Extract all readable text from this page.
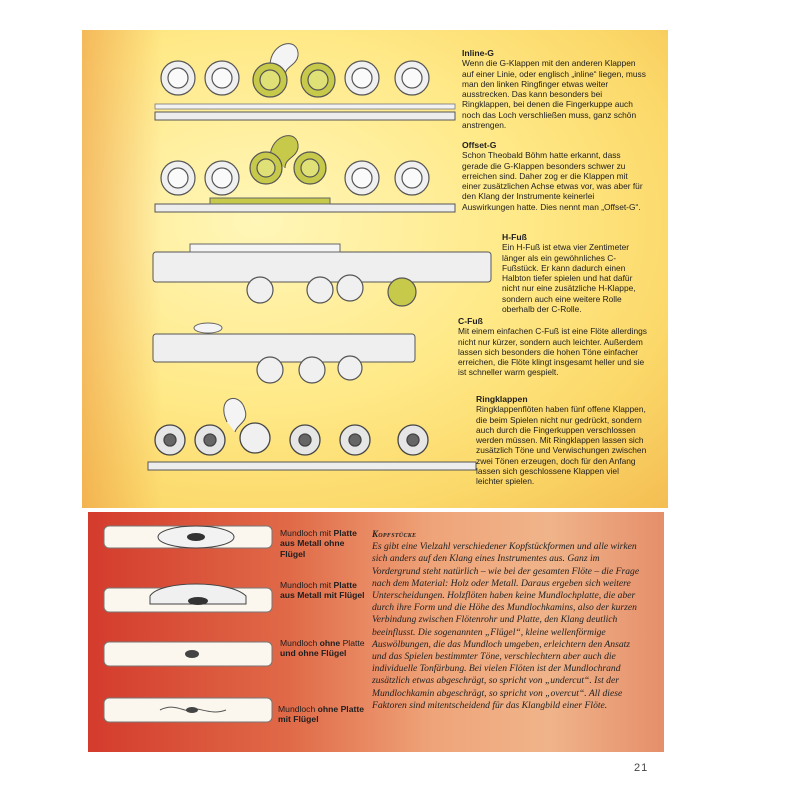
Inline-G
Wenn die G-Klappen mit den anderen Klappen auf einer Linie, oder englisch „inline“ liegen, muss man den linken Ringfinger etwas weiter ausstrecken. Das kann besonders bei Ringklappen, bei denen die Fingerkuppe auch noch das Loch verschließen muss, ganz schön anstrengen.
Offset-G
Schon Theobald Böhm hatte erkannt, dass gerade die G-Klappen besonders schwer zu erreichen sind. Daher zog er die Klappen mit einer zusätzlichen Achse etwas vor, was aber für den Klang der Instrumente keinerlei Auswirkungen hatte. Dies nennt man „Offset-G“.
H-Fuß
Ein H-Fuß ist etwa vier Zentimeter länger als ein gewöhnliches C-Fußstück. Er kann dadurch einen Halbton tiefer spielen und hat dafür nicht nur eine zusätzliche H-Klappe, sondern auch eine weitere Rolle oberhalb der C-Rolle.
C-Fuß
Mit einem einfachen C-Fuß ist eine Flöte allerdings nicht nur kürzer, sondern auch leichter. Außerdem lassen sich besonders die hohen Töne einfacher erreichen, die Flöte klingt insgesamt heller und sie ist schneller warm gespielt.
Ringklappen
Ringklappenflöten haben fünf offene Klappen, die beim Spielen nicht nur gedrückt, sondern auch durch die Fingerkuppen verschlossen werden müssen. Mit Ringklappen lassen sich zusätzlich Töne und Verwischungen zwischen zwei Tönen erzeugen, doch für den Anfang lassen sich geschlossene Klappen viel leichter spielen.
Mundloch mit Platte aus Metall ohne Flügel
Mundloch mit Platte aus Metall mit Flügel
Mundloch ohne Platte und ohne Flügel
Mundloch ohne Platte mit Flügel
Kopfstücke
Es gibt eine Vielzahl verschiedener Kopfstückformen und alle wirken sich anders auf den Klang eines Instrumentes aus. Ganz im Vordergrund steht natürlich – wie bei der gesamten Flöte – die Frage nach dem Material: Holz oder Metall. Daraus ergeben sich weitere Unterscheidungen. Holzflöten haben keine Mundlochplatte, die aber durch ihre Form und die Höhe des Mundlochkamins, also der kurzen Verbindung zwischen Flötenrohr und Platte, den Klang deutlich beeinflusst. Die sogenannten „Flügel“, kleine wellenförmige Auswölbungen, die das Mundloch umgeben, erleichtern den Ansatz und das Spielen bestimmter Töne, verschlechtern aber auch die individuelle Tonfärbung. Bei vielen Flöten ist der Mundlochrand zusätzlich etwas abgeschrägt, so spricht von „undercut“. Ist der Mundlochkamin abgeschrägt, so spricht von „overcut“. All diese Faktoren sind mitentscheidend für das Klangbild einer Flöte.
21
